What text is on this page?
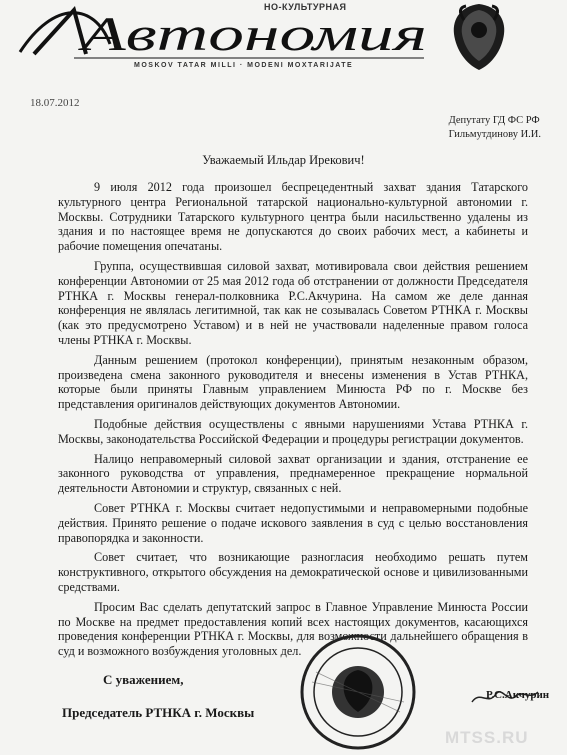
НО-КУЛЬТУРНАЯ
Автономия
MOSKOV TATAR MILLI · MODENI MOXTARIJATE
18.07.2012
Депутату ГД ФС РФ
Гильмутдинову И.И.
Уважаемый Ильдар Ирекович!

9 июля 2012 года произошел беспрецедентный захват здания Татарского культурного центра Региональной татарской национально-культурной автономии г. Москвы. Сотрудники Татарского культурного центра были насильственно удалены из здания и по настоящее время не допускаются до своих рабочих мест, а кабинеты и рабочие помещения опечатаны.

Группа, осуществившая силовой захват, мотивировала свои действия решением конференции Автономии от 25 мая 2012 года об отстранении от должности Председателя РТНКА г. Москвы генерал-полковника Р.С.Акчурина. На самом же деле данная конференция не являлась легитимной, так как не созывалась Советом РТНКА г. Москвы (как это предусмотрено Уставом) и в ней не участвовали наделенные правом голоса члены РТНКА г. Москвы.

Данным решением (протокол конференции), принятым незаконным образом, произведена смена законного руководителя и внесены изменения в Устав РТНКА, которые были приняты Главным управлением Минюста РФ по г. Москве без представления оригиналов действующих документов Автономии.

Подобные действия осуществлены с явными нарушениями Устава РТНКА г. Москвы, законодательства Российской Федерации и процедуры регистрации документов.

Налицо неправомерный силовой захват организации и здания, отстранение ее законного руководства от управления, преднамеренное прекращение нормальной деятельности Автономии и структур, связанных с ней.

Совет РТНКА г. Москвы считает недопустимыми и неправомерными подобные действия. Принято решение о подаче искового заявления в суд с целью восстановления правопорядка и законности.

Совет считает, что возникающие разногласия необходимо решать путем конструктивного, открытого обсуждения на демократической основе и цивилизованными средствами.

Просим Вас сделать депутатский запрос в Главное Управление Минюста России по Москве на предмет предоставления копий всех настоящих документов, касающихся проведения конференции РТНКА г. Москвы, для возможности дальнейшего обращения в суд и возможного возбуждения уголовных дел.

С уважением,
Председатель РТНКА г. Москвы
Р.С.Акчурин
MTSS.RU
